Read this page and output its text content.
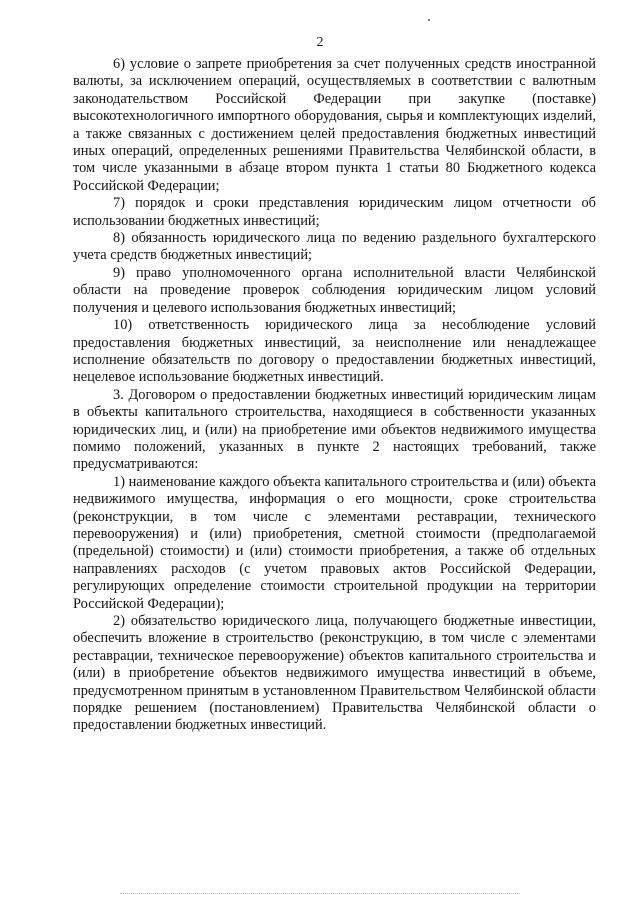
2

6) условие о запрете приобретения за счет полученных средств иностранной валюты, за исключением операций, осуществляемых в соответствии с валютным законодательством Российской Федерации при закупке (поставке) высокотехнологичного импортного оборудования, сырья и комплектующих изделий, а также связанных с достижением целей предоставления бюджетных инвестиций иных операций, определенных решениями Правительства Челябинской области, в том числе указанными в абзаце втором пункта 1 статьи 80 Бюджетного кодекса Российской Федерации;

7) порядок и сроки представления юридическим лицом отчетности об использовании бюджетных инвестиций;

8) обязанность юридического лица по ведению раздельного бухгалтерского учета средств бюджетных инвестиций;

9) право уполномоченного органа исполнительной власти Челябинской области на проведение проверок соблюдения юридическим лицом условий получения и целевого использования бюджетных инвестиций;

10) ответственность юридического лица за несоблюдение условий предоставления бюджетных инвестиций, за неисполнение или ненадлежащее исполнение обязательств по договору о предоставлении бюджетных инвестиций, нецелевое использование бюджетных инвестиций.

3. Договором о предоставлении бюджетных инвестиций юридическим лицам в объекты капитального строительства, находящиеся в собственности указанных юридических лиц, и (или) на приобретение ими объектов недвижимого имущества помимо положений, указанных в пункте 2 настоящих требований, также предусматриваются:

1) наименование каждого объекта капитального строительства и (или) объекта недвижимого имущества, информация о его мощности, сроке строительства (реконструкции, в том числе с элементами реставрации, технического перевооружения) и (или) приобретения, сметной стоимости (предполагаемой (предельной) стоимости) и (или) стоимости приобретения, а также об отдельных направлениях расходов (с учетом правовых актов Российской Федерации, регулирующих определение стоимости строительной продукции на территории Российской Федерации);

2) обязательство юридического лица, получающего бюджетные инвестиции, обеспечить вложение в строительство (реконструкцию, в том числе с элементами реставрации, техническое перевооружение) объектов капитального строительства и (или) в приобретение объектов недвижимого имущества инвестиций в объеме, предусмотренном принятым в установленном Правительством Челябинской области порядке решением (постановлением) Правительства Челябинской области о предоставлении бюджетных инвестиций.
